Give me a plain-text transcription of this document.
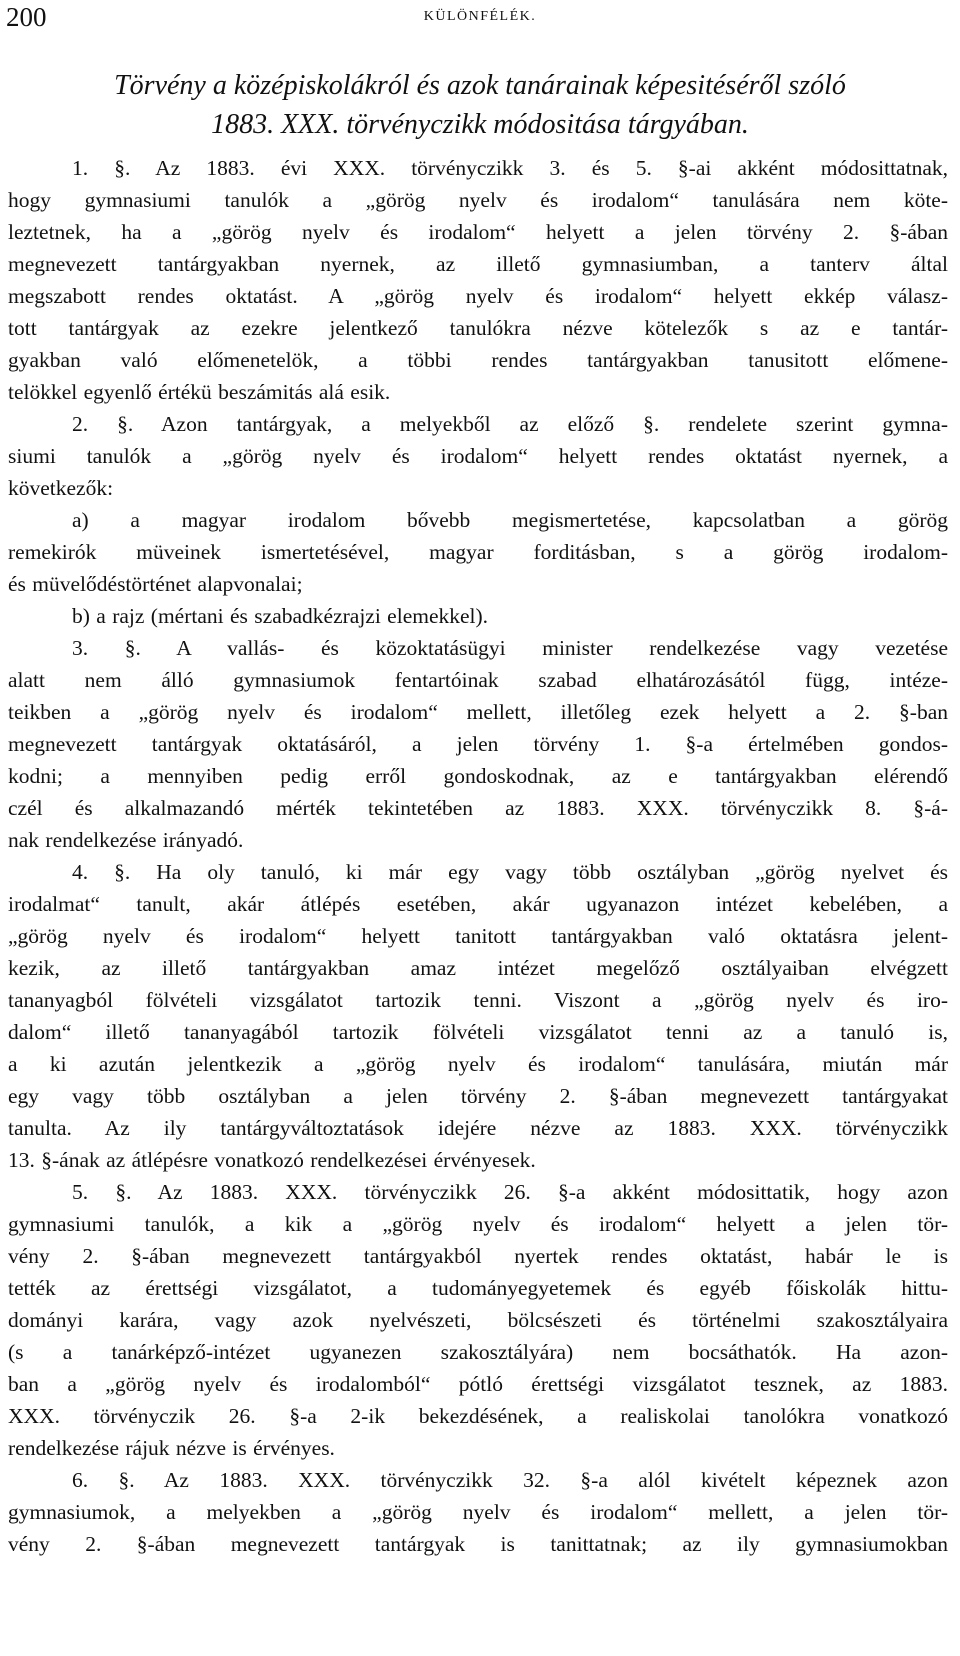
200	KÜLÖNFÉLÉK.
Törvény a középiskolákról és azok tanárainak képesitéséről szóló
1883. XXX. törvényczikk módositása tárgyában.
1. §. Az 1883. évi XXX. törvényczikk 3. és 5. §-ai akként módosittatnak,
hogy gymnasiumi tanulók a „görög nyelv és irodalom“ tanulására nem köte-
leztetnek, ha a „görög nyelv és irodalom“ helyett a jelen törvény 2. §-ában
megnevezett tantárgyakban nyernek, az illető gymnasiumban, a tanterv által
megszabott rendes oktatást. A „görög nyelv és irodalom“ helyett ekkép válasz-
tott tantárgyak az ezekre jelentkező tanulókra nézve kötelezők s az e tantár-
gyakban való előmenetelök, a többi rendes tantárgyakban tanusitott előmene-
telökkel egyenlő értékü beszámitás alá esik.
2. §. Azon tantárgyak, a melyekből az előző §. rendelete szerint gymna-
siumi tanulók a „görög nyelv és irodalom“ helyett rendes oktatást nyernek, a
következők:
a) a magyar irodalom bővebb megismertetése, kapcsolatban a görög
remekirók müveinek ismertetésével, magyar forditásban, s a görög irodalom-
és müvelődéstörténet alapvonalai;
b) a rajz (mértani és szabadkézrajzi elemekkel).
3. §. A vallás- és közoktatásügyi minister rendelkezése vagy vezetése
alatt nem álló gymnasiumok fentartóinak szabad elhatározásától függ, intéze-
teikben a „görög nyelv és irodalom“ mellett, illetőleg ezek helyett a 2. §-ban
megnevezett tantárgyak oktatásáról, a jelen törvény 1. §-a értelmében gondos-
kodni; a mennyiben pedig erről gondoskodnak, az e tantárgyakban elérendő
czél és alkalmazandó mérték tekintetében az 1883. XXX. törvényczikk 8. §-á-
nak rendelkezése irányadó.
4. §. Ha oly tanuló, ki már egy vagy több osztályban „görög nyelvet és
irodalmat“ tanult, akár átlépés esetében, akár ugyanazon intézet kebelében, a
„görög nyelv és irodalom“ helyett tanitott tantárgyakban való oktatásra jelent-
kezik, az illető tantárgyakban amaz intézet megelőző osztályaiban elvégzett
tananyagból fölvételi vizsgálatot tartozik tenni. Viszont a „görög nyelv és iro-
dalom“ illető tananyagából tartozik fölvételi vizsgálatot tenni az a tanuló is,
a ki azután jelentkezik a „görög nyelv és irodalom“ tanulására, miután már
egy vagy több osztályban a jelen törvény 2. §-ában megnevezett tantárgyakat
tanulta. Az ily tantárgyváltoztatások idejére nézve az 1883. XXX. törvényczikk
13. §-ának az átlépésre vonatkozó rendelkezései érvényesek.
5. §. Az 1883. XXX. törvényczikk 26. §-a akként módosittatik, hogy azon
gymnasiumi tanulók, a kik a „görög nyelv és irodalom“ helyett a jelen tör-
vény 2. §-ában megnevezett tantárgyakból nyertek rendes oktatást, habár le is
tették az érettségi vizsgálatot, a tudományegyetemek és egyéb főiskolák hittu-
dományi karára, vagy azok nyelvészeti, bölcsészeti és történelmi szakosztályaira
(s a tanárképző-intézet ugyanezen szakosztályára) nem bocsáthatók. Ha azon-
ban a „görög nyelv és irodalomból“ pótló érettségi vizsgálatot tesznek, az 1883.
XXX. törvényczik 26. §-a 2-ik bekezdésének, a realiskolai tanolókra vonatkozó
rendelkezése rájuk nézve is érvényes.
6. §. Az 1883. XXX. törvényczikk 32. §-a alól kivételt képeznek azon
gymnasiumok, a melyekben a „görög nyelv és irodalom“ mellett, a jelen tör-
vény 2. §-ában megnevezett tantárgyak is tanittatnak; az ily gymnasiumokban
